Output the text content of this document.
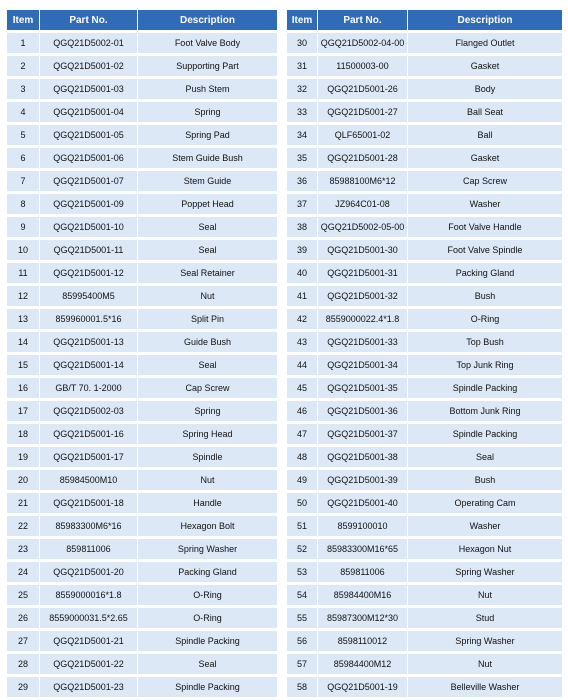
Item	Part No.	Description
1	QGQ21D5002-01	Foot Valve Body
2	QGQ21D5001-02	Supporting Part
3	QGQ21D5001-03	Push Stem
4	QGQ21D5001-04	Spring
5	QGQ21D5001-05	Spring Pad
6	QGQ21D5001-06	Stem Guide Bush
7	QGQ21D5001-07	Stem Guide
8	QGQ21D5001-09	Poppet Head
9	QGQ21D5001-10	Seal
10	QGQ21D5001-11	Seal
11	QGQ21D5001-12	Seal Retainer
12	85995400M5	Nut
13	859960001.5*16	Split Pin
14	QGQ21D5001-13	Guide Bush
15	QGQ21D5001-14	Seal
16	GB/T 70. 1-2000	Cap Screw
17	QGQ21D5002-03	Spring
18	QGQ21D5001-16	Spring Head
19	QGQ21D5001-17	Spindle
20	85984500M10	Nut
21	QGQ21D5001-18	Handle
22	85983300M6*16	Hexagon Bolt
23	859811006	Spring Washer
24	QGQ21D5001-20	Packing Gland
25	8559000016*1.8	O-Ring
26	8559000031.5*2.65	O-Ring
27	QGQ21D5001-21	Spindle Packing
28	QGQ21D5001-22	Seal
29	QGQ21D5001-23	Spindle Packing
Item	Part No.	Description
30	QGQ21D5002-04-00	Flanged Outlet
31	11500003-00	Gasket
32	QGQ21D5001-26	Body
33	QGQ21D5001-27	Ball Seat
34	QLF65001-02	Ball
35	QGQ21D5001-28	Gasket
36	85988100M6*12	Cap Screw
37	JZ964C01-08	Washer
38	QGQ21D5002-05-00	Foot Valve Handle
39	QGQ21D5001-30	Foot Valve Spindle
40	QGQ21D5001-31	Packing Gland
41	QGQ21D5001-32	Bush
42	8559000022.4*1.8	O-Ring
43	QGQ21D5001-33	Top Bush
44	QGQ21D5001-34	Top Junk Ring
45	QGQ21D5001-35	Spindle Packing
46	QGQ21D5001-36	Bottom Junk Ring
47	QGQ21D5001-37	Spindle Packing
48	QGQ21D5001-38	Seal
49	QGQ21D5001-39	Bush
50	QGQ21D5001-40	Operating Cam
51	8599100010	Washer
52	85983300M16*65	Hexagon Nut
53	859811006	Spring Washer
54	85984400M16	Nut
55	85987300M12*30	Stud
56	8598110012	Spring Washer
57	85984400M12	Nut
58	QGQ21D5001-19	Belleville Washer
